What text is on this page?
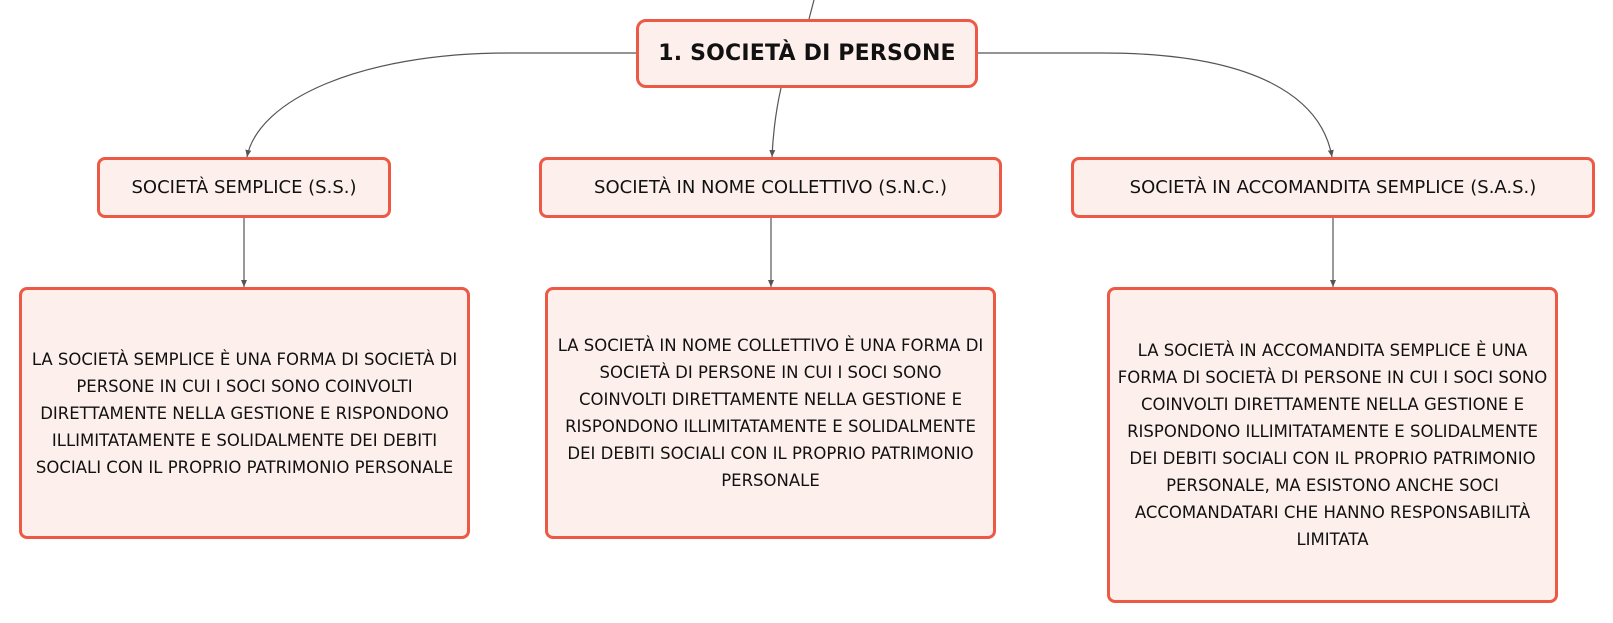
1. SOCIETÀ DI PERSONE
SOCIETÀ SEMPLICE (S.S.)	SOCIETÀ IN NOME COLLETTIVO (S.N.C.)	SOCIETÀ IN ACCOMANDITA SEMPLICE (S.A.S.)
LA SOCIETÀ SEMPLICE È UNA FORMA DI SOCIETÀ DI PERSONE IN CUI I SOCI SONO COINVOLTI DIRETTAMENTE NELLA GESTIONE E RISPONDONO ILLIMITATAMENTE E SOLIDALMENTE DEI DEBITI SOCIALI CON IL PROPRIO PATRIMONIO PERSONALE
LA SOCIETÀ IN NOME COLLETTIVO È UNA FORMA DI SOCIETÀ DI PERSONE IN CUI I SOCI SONO COINVOLTI DIRETTAMENTE NELLA GESTIONE E RISPONDONO ILLIMITATAMENTE E SOLIDALMENTE DEI DEBITI SOCIALI CON IL PROPRIO PATRIMONIO PERSONALE
LA SOCIETÀ IN ACCOMANDITA SEMPLICE È UNA FORMA DI SOCIETÀ DI PERSONE IN CUI I SOCI SONO COINVOLTI DIRETTAMENTE NELLA GESTIONE E RISPONDONO ILLIMITATAMENTE E SOLIDALMENTE DEI DEBITI SOCIALI CON IL PROPRIO PATRIMONIO PERSONALE, MA ESISTONO ANCHE SOCI ACCOMANDATARI CHE HANNO RESPONSABILITÀ LIMITATA
